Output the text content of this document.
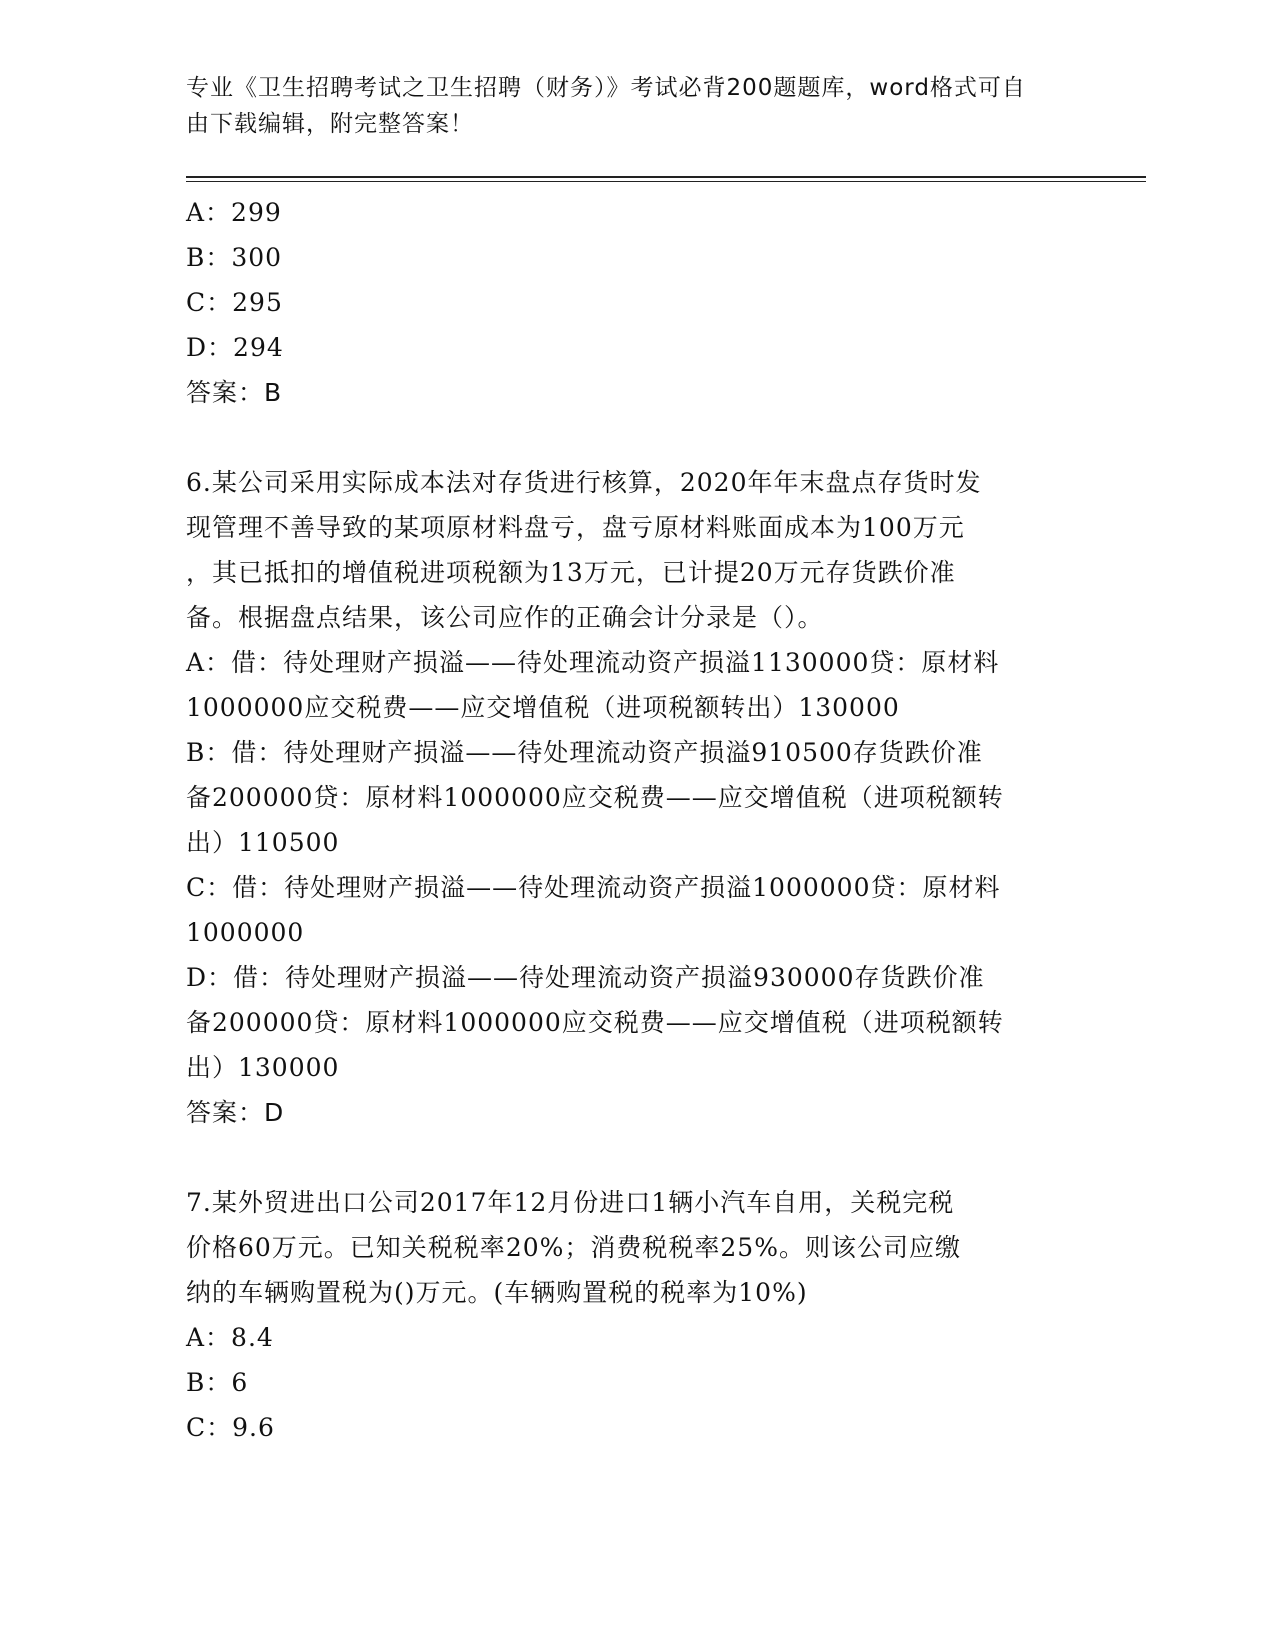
专业《卫生招聘考试之卫生招聘（财务）》考试必背200题题库，word格式可自
由下载编辑，附完整答案！
A：299
B：300
C：295
D：294
答案：B
6.某公司采用实际成本法对存货进行核算，2020年年末盘点存货时发
现管理不善导致的某项原材料盘亏，盘亏原材料账面成本为100万元
，其已抵扣的增值税进项税额为13万元，已计提20万元存货跌价准
备。根据盘点结果，该公司应作的正确会计分录是（）。
A：借：待处理财产损溢——待处理流动资产损溢1130000贷：原材料
1000000应交税费——应交增值税（进项税额转出）130000
B：借：待处理财产损溢——待处理流动资产损溢910500存货跌价准
备200000贷：原材料1000000应交税费——应交增值税（进项税额转
出）110500
C：借：待处理财产损溢——待处理流动资产损溢1000000贷：原材料
1000000
D：借：待处理财产损溢——待处理流动资产损溢930000存货跌价准
备200000贷：原材料1000000应交税费——应交增值税（进项税额转
出）130000
答案：D
7.某外贸进出口公司2017年12月份进口1辆小汽车自用，关税完税
价格60万元。已知关税税率20%；消费税税率25%。则该公司应缴
纳的车辆购置税为()万元。(车辆购置税的税率为10%)
A：8.4
B：6
C：9.6
